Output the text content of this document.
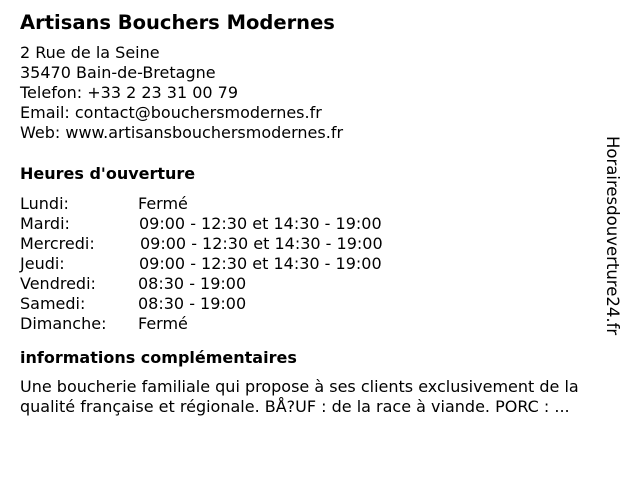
Artisans Bouchers Modernes
2 Rue de la Seine
35470 Bain-de-Bretagne
Telefon: +33 2 23 31 00 79
Email: contact@bouchersmodernes.fr
Web: www.artisansbouchersmodernes.fr
Heures d'ouverture
Lundi:	Fermé
Mardi:	09:00 - 12:30 et 14:30 - 19:00
Mercredi:	09:00 - 12:30 et 14:30 - 19:00
Jeudi:	09:00 - 12:30 et 14:30 - 19:00
Vendredi:	08:30 - 19:00
Samedi:	08:30 - 19:00
Dimanche: Fermé
informations complémentaires
Une boucherie familiale qui propose à ses clients exclusivement de la qualité française et régionale. BÅ?UF : de la race à viande. PORC : ...
Horairesdouverture24.fr
